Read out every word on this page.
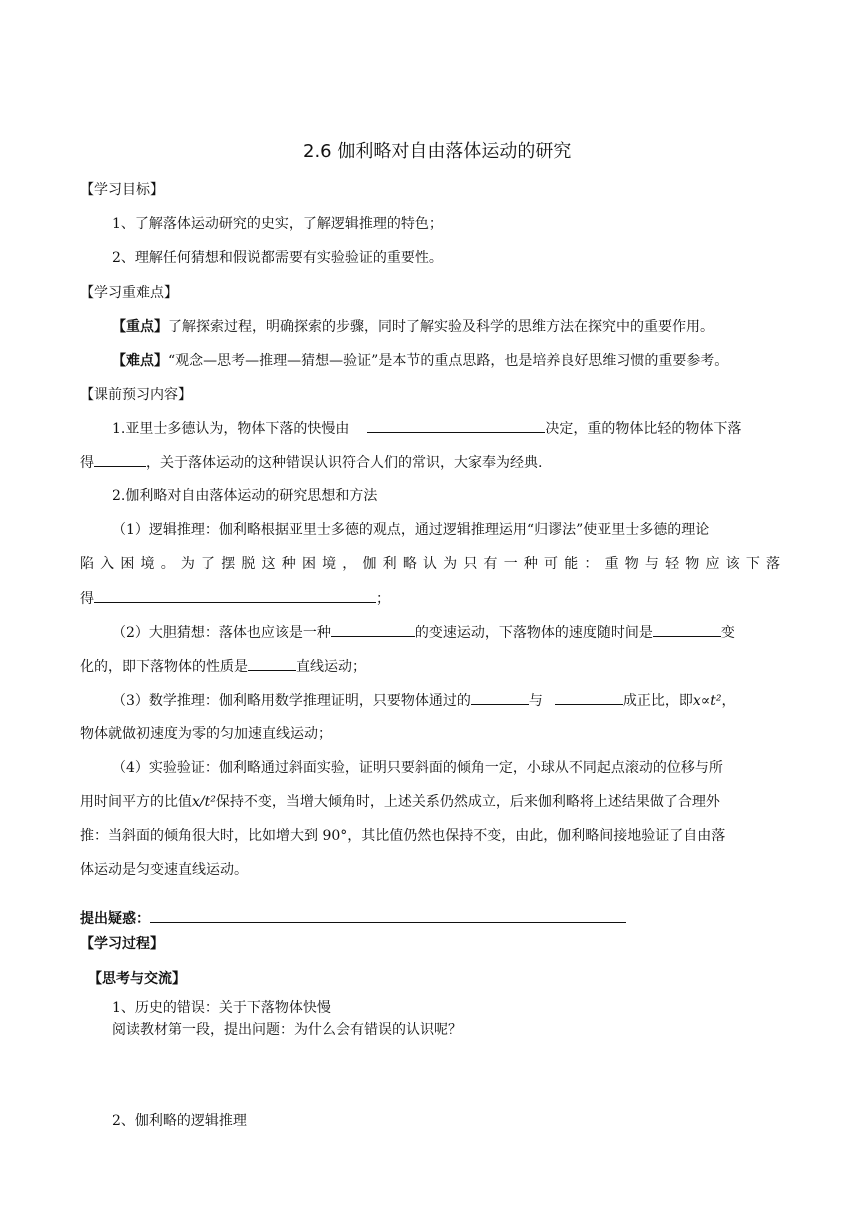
2.6 伽利略对自由落体运动的研究
【学习目标】
1、了解落体运动研究的史实，了解逻辑推理的特色；
2、理解任何猜想和假说都需要有实验验证的重要性。
【学习重难点】
【重点】了解探索过程，明确探索的步骤，同时了解实验及科学的思维方法在探究中的重要作用。
【难点】“观念—思考—推理—猜想—验证”是本节的重点思路，也是培养良好思维习惯的重要参考。
【课前预习内容】
1.亚里士多德认为，物体下落的快慢由	决定，重的物体比轻的物体下落
得	，关于落体运动的这种错误认识符合人们的常识，大家奉为经典.
2.伽利略对自由落体运动的研究思想和方法
（1）逻辑推理：伽利略根据亚里士多德的观点，通过逻辑推理运用“归谬法”使亚里士多德的理论
陷 入 困 境 。 为 了 摆 脱 这 种 困 境 ， 伽 利 略 认 为 只 有 一 种 可 能 ： 重 物 与 轻 物 应 该 下 落
得	；
（2）大胆猜想：落体也应该是一种	的变速运动，下落物体的速度随时间是	变
化的，即下落物体的性质是	直线运动；
（3）数学推理：伽利略用数学推理证明，只要物体通过的	与	成正比，即x∝t²，
物体就做初速度为零的匀加速直线运动；
（4）实验验证：伽利略通过斜面实验，证明只要斜面的倾角一定，小球从不同起点滚动的位移与所
用时间平方的比值x/t²保持不变，当增大倾角时，上述关系仍然成立，后来伽利略将上述结果做了合理外
推：当斜面的倾角很大时，比如增大到 90°，其比值仍然也保持不变，由此，伽利略间接地验证了自由落
体运动是匀变速直线运动。
提出疑惑：
【学习过程】
【思考与交流】
1、历史的错误：关于下落物体快慢
阅读教材第一段，提出问题：为什么会有错误的认识呢？
2、伽利略的逻辑推理
